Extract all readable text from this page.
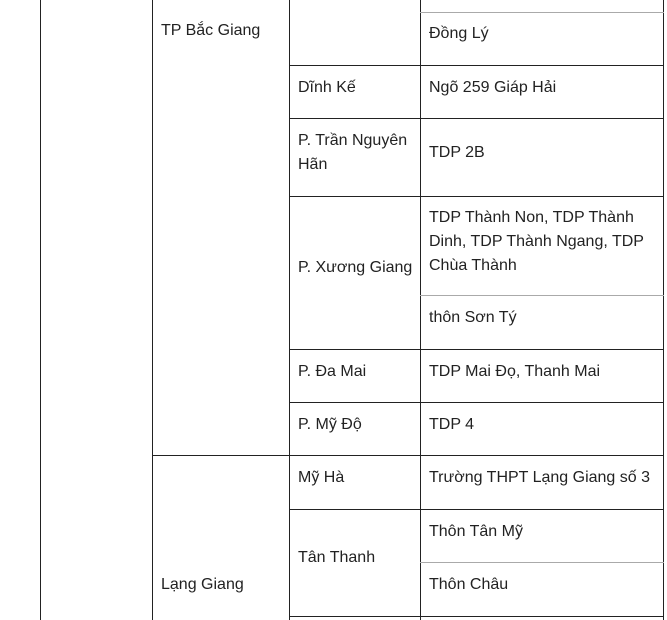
TP Bắc Giang
Lạng Giang
Dĩnh Kế
P. Trần Nguyên Hãn
P. Xương Giang
P. Đa Mai
P. Mỹ Độ
Mỹ Hà
Tân Thanh
Đồng Lý
Ngõ 259 Giáp Hải
TDP 2B
TDP Thành Non, TDP Thành Dinh, TDP Thành Ngang, TDP Chùa Thành
thôn Sơn Tý
TDP Mai Đọ, Thanh Mai
TDP 4
Trường THPT Lạng Giang số 3
Thôn Tân Mỹ
Thôn Châu
